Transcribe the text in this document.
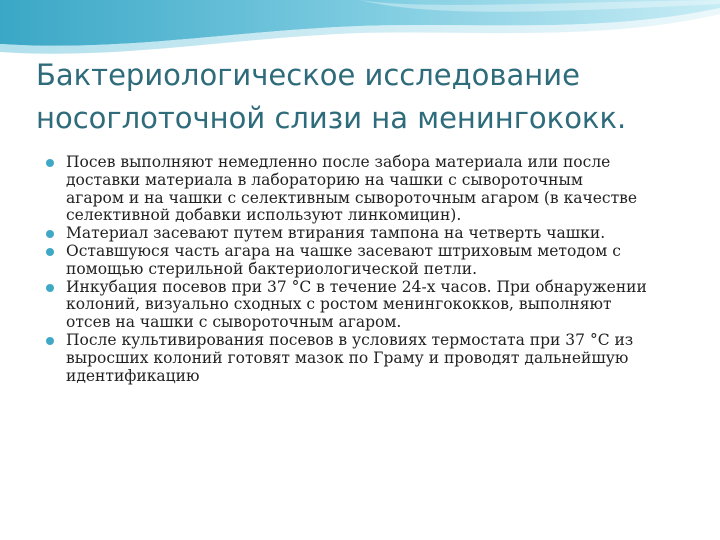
Бактериологическое исследование
носоглоточной слизи на менингококк.
Посев выполняют немедленно после забора материала или после
доставки материала в лабораторию на чашки с сывороточным
агаром и на чашки с селективным сывороточным агаром (в качестве
селективной добавки используют линкомицин).
Материал засевают путем втирания тампона на четверть чашки.
Оставшуюся часть агара на чашке засевают штриховым методом с
помощью стерильной бактериологической петли.
Инкубация посевов при 37 °С в течение 24-х часов. При обнаружении
колоний, визуально сходных с ростом менингококков, выполняют
отсев на чашки с сывороточным агаром.
После культивирования посевов в условиях термостата при 37 °С из
выросших колоний готовят мазок по Граму и проводят дальнейшую
идентификацию
